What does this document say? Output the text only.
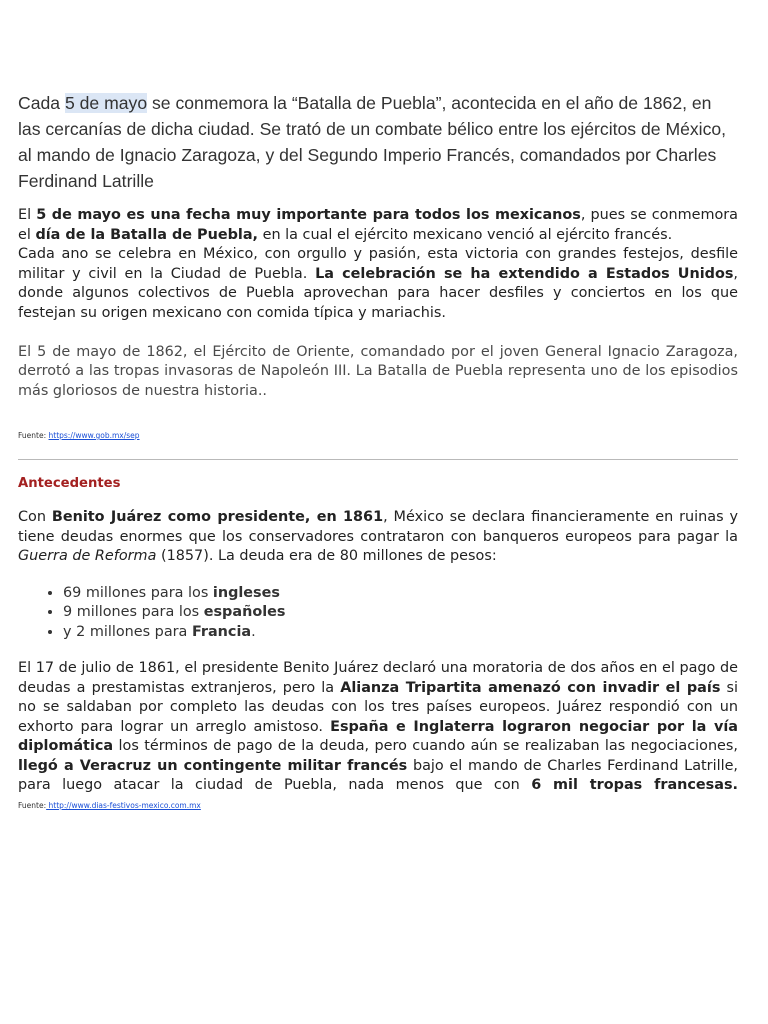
Cada 5 de mayo se conmemora la “Batalla de Puebla”, acontecida en el año de 1862, en las cercanías de dicha ciudad. Se trató de un combate bélico entre los ejércitos de México, al mando de Ignacio Zaragoza, y del Segundo Imperio Francés, comandados por Charles Ferdinand Latrille

El 5 de mayo es una fecha muy importante para todos los mexicanos, pues se conmemora el día de la Batalla de Puebla, en la cual el ejército mexicano venció al ejército francés.

Cada ano se celebra en México, con orgullo y pasión, esta victoria con grandes festejos, desfile militar y civil en la Ciudad de Puebla. La celebración se ha extendido a Estados Unidos, donde algunos colectivos de Puebla aprovechan para hacer desfiles y conciertos en los que festejan su origen mexicano con comida típica y mariachis.

El 5 de mayo de 1862, el Ejército de Oriente, comandado por el joven General Ignacio Zaragoza, derrotó a las tropas invasoras de Napoleón III. La Batalla de Puebla representa uno de los episodios más gloriosos de nuestra historia..

Fuente: https://www.gob.mx/sep

Antecedentes

Con Benito Juárez como presidente, en 1861, México se declara financieramente en ruinas y tiene deudas enormes que los conservadores contrataron con banqueros europeos para pagar la Guerra de Reforma (1857). La deuda era de 80 millones de pesos:

• 69 millones para los ingleses
• 9 millones para los españoles
• y 2 millones para Francia.

El 17 de julio de 1861, el presidente Benito Juárez declaró una moratoria de dos años en el pago de deudas a prestamistas extranjeros, pero la Alianza Tripartita amenazó con invadir el país si no se saldaban por completo las deudas con los tres países europeos. Juárez respondió con un exhorto para lograr un arreglo amistoso. España e Inglaterra lograron negociar por la vía diplomática los términos de pago de la deuda, pero cuando aún se realizaban las negociaciones, llegó a Veracruz un contingente militar francés bajo el mando de Charles Ferdinand Latrille, para luego atacar la ciudad de Puebla, nada menos que con 6 mil tropas francesas.

Fuente: http://www.dias-festivos-mexico.com.mx
